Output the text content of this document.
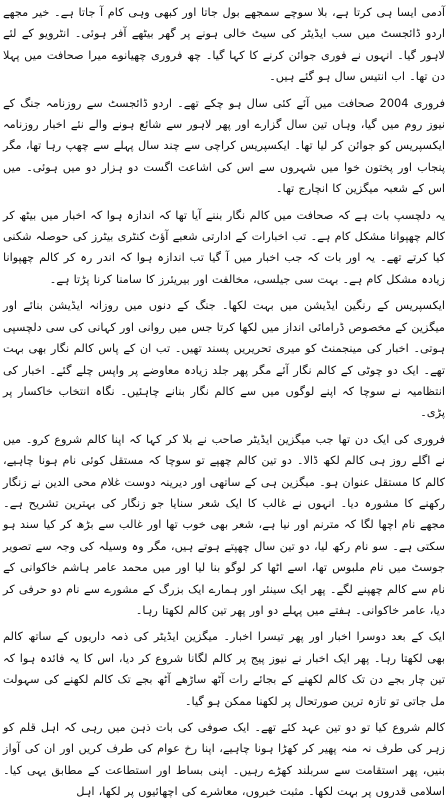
آدمی ایسا ہی کرتا ہے، بلا سوچے سمجھے بول جاتا اور کبھی وہی کام آ جاتا ہے۔ خیر مجھے اردو ڈائجسٹ میں سب ایڈیٹر کی سیٹ خالی ہونے پر گھر بیٹھے آفر ہوئی۔ انٹرویو کے لئے لاہور گیا۔ انہوں نے فوری جوائن کرنے کا کہا گیا۔ چھ فروری چھیانوے میرا صحافت میں پہلا دن تھا۔ اب انتیس سال ہو گئے ہیں۔

فروری 2004 صحافت میں آئے کئی سال ہو چکے تھے۔ اردو ڈائجسٹ سے روزنامہ جنگ کے نیوز روم میں گیا، وہاں تین سال گزارے اور پھر لاہور سے شائع ہونے والے نئے اخبار روزنامہ ایکسپریس کو جوائن کر لیا تھا۔ ایکسپریس کراچی سے چند سال پہلے سے چھپ رہا تھا، مگر پنجاب اور پختون خوا میں شہروں سے اس کی اشاعت اگست دو ہزار دو میں ہوئی۔ میں اس کے شعبہ میگزین کا انچارج تھا۔

یہ دلچسپ بات ہے کہ صحافت میں کالم نگار بننے آیا تھا کہ اندازہ ہوا کہ اخبار میں بیٹھ کر کالم چھپوانا مشکل کام ہے۔ تب اخبارات کے ادارتی شعبے آؤٹ کنٹری بیٹرز کی حوصلہ شکنی کیا کرتے تھے۔ یہ اور بات کہ جب اخبار میں آ گیا تب اندازہ ہوا کہ اندر رہ کر کالم چھپوانا زیادہ مشکل کام ہے۔ بہت سی جیلسی، مخالفت اور بیریئرز کا سامنا کرنا پڑتا ہے۔

ایکسپریس کے رنگین ایڈیشن میں بہت لکھا۔ جنگ کے دنوں میں روزانہ ایڈیشن بنائے اور میگزین کے مخصوص ڈرامائی انداز میں لکھا کرتا جس میں روانی اور کہانی کی سی دلچسپی ہوتی۔ اخبار کی مینجمنٹ کو میری تحریریں پسند تھیں۔ تب ان کے پاس کالم نگار بھی بہت تھے۔ ایک دو چوٹی کے کالم نگار آئے مگر پھر جلد زیادہ معاوضے پر واپس چلے گئے۔ اخبار کی انتظامیہ نے سوچا کہ اپنے لوگوں میں سے کالم نگار بنانے چاہئیں۔ نگاہ انتخاب خاکسار پر پڑی۔

فروری کی ایک دن تھا جب میگزین ایڈیٹر صاحب نے بلا کر کہا کہ اپنا کالم شروع کرو۔ میں نے اگلے روز ہی کالم لکھ ڈالا۔ دو تین کالم چھپے تو سوچا کہ مستقل کوئی نام ہونا چاہیے، کالم کا مستقل عنوان ہو۔ میگزین ہی کے ساتھی اور دیرینہ دوست غلام محی الدین نے زنگار رکھنے کا مشورہ دیا۔ انہوں نے غالب کا ایک شعر سنایا جو زنگار کی بہترین تشریح ہے۔ مجھے نام اچھا لگا کہ مترنم اور نیا ہے، شعر بھی خوب تھا اور غالب سے بڑھ کر کیا سند ہو سکتی ہے۔ سو نام رکھ لیا، دو تین سال چھپتے ہوتے ہیں، مگر وہ وسیلہ کی وجہ سے تصویر جوسٹ میں نام ملبوس تھا، اسے اٹھا کر لوگو بنا لیا اور میں محمد عامر ہاشم خاکوانی کے نام سے کالم چھپنے لگے۔ پھر ایک سینئر اور ہمارے ایک بزرگ کے مشورے سے نام دو حرفی کر دیا، عامر خاکوانی۔ ہفتے میں پہلے دو اور پھر تین کالم لکھتا رہا۔

ایک کے بعد دوسرا اخبار اور پھر تیسرا اخبار۔ میگزین ایڈیٹر کی ذمہ داریوں کے ساتھ کالم بھی لکھتا رہا۔ پھر ایک اخبار نے نیوز پیج پر کالم لگانا شروع کر دیا، اس کا یہ فائدہ ہوا کہ تین چار بجے دن تک کالم لکھنے کے بجائے رات آٹھ ساڑھے آٹھ بجے تک کالم لکھنے کی سہولت مل جاتی تو تازہ ترین صورتحال پر لکھنا ممکن ہو گیا۔

کالم شروع کیا تو دو تین عہد کئے تھے۔ ایک صوفی کی بات ذہن میں رہی کہ اہل قلم کو زہر کی طرف نہ منہ پھیر کر کھڑا ہونا چاہیے، اپنا رخ عوام کی طرف کریں اور ان کی آواز بنیں، پھر استقامت سے سربلند کھڑے رہیں۔ اپنی بساط اور استطاعت کے مطابق یہی کیا۔ اسلامی قدروں پر بہت لکھا۔ مثبت خبروں، معاشرے کی اچھائیوں پر لکھا، اہل
